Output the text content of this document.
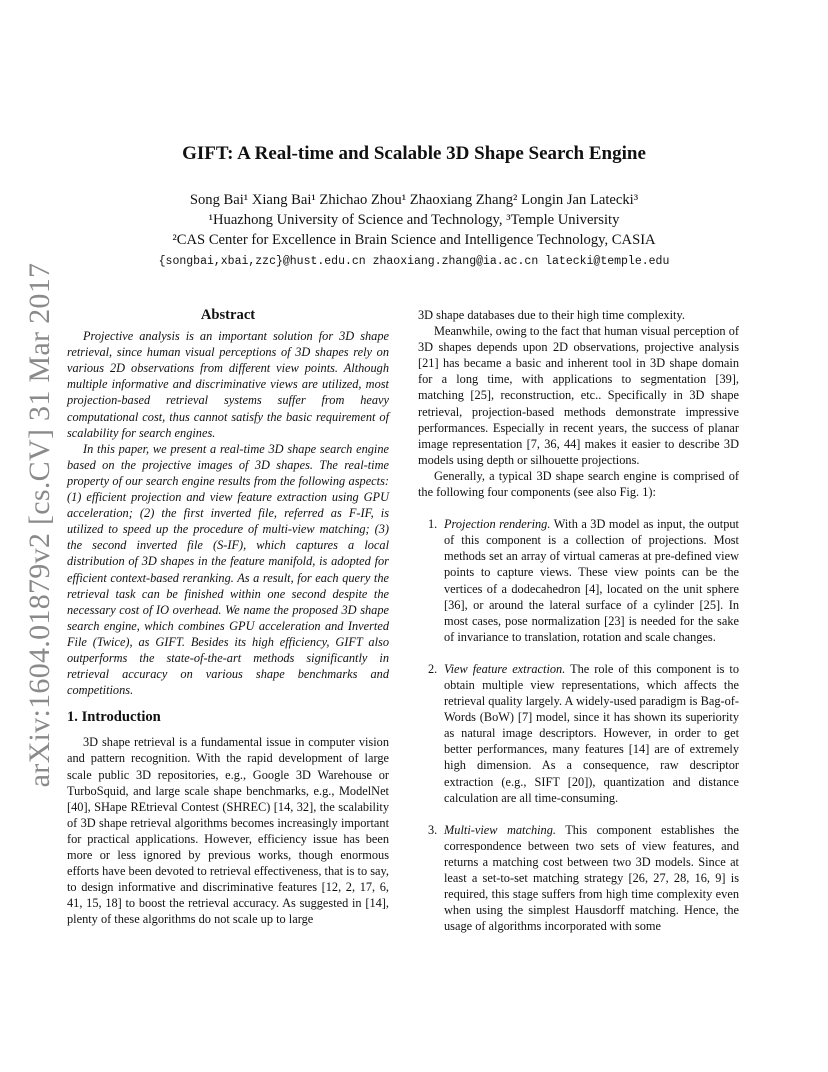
arXiv:1604.01879v2 [cs.CV] 31 Mar 2017
GIFT: A Real-time and Scalable 3D Shape Search Engine
Song Bai¹ Xiang Bai¹ Zhichao Zhou¹ Zhaoxiang Zhang² Longin Jan Latecki³
¹Huazhong University of Science and Technology, ³Temple University
²CAS Center for Excellence in Brain Science and Intelligence Technology, CASIA
{songbai,xbai,zzc}@hust.edu.cn zhaoxiang.zhang@ia.ac.cn latecki@temple.edu
Abstract

Projective analysis is an important solution for 3D shape retrieval, since human visual perceptions of 3D shapes rely on various 2D observations from different view points. Although multiple informative and discriminative views are utilized, most projection-based retrieval systems suffer from heavy computational cost, thus cannot satisfy the basic requirement of scalability for search engines.

In this paper, we present a real-time 3D shape search engine based on the projective images of 3D shapes. The real-time property of our search engine results from the following aspects: (1) efficient projection and view feature extraction using GPU acceleration; (2) the first inverted file, referred as F-IF, is utilized to speed up the procedure of multi-view matching; (3) the second inverted file (S-IF), which captures a local distribution of 3D shapes in the feature manifold, is adopted for efficient context-based reranking. As a result, for each query the retrieval task can be finished within one second despite the necessary cost of IO overhead. We name the proposed 3D shape search engine, which combines GPU acceleration and Inverted File (Twice), as GIFT. Besides its high efficiency, GIFT also outperforms the state-of-the-art methods significantly in retrieval accuracy on various shape benchmarks and competitions.

1. Introduction

3D shape retrieval is a fundamental issue in computer vision and pattern recognition. With the rapid development of large scale public 3D repositories, e.g., Google 3D Warehouse or TurboSquid, and large scale shape benchmarks, e.g., ModelNet [40], SHape REtrieval Contest (SHREC) [14, 32], the scalability of 3D shape retrieval algorithms becomes increasingly important for practical applications. However, efficiency issue has been more or less ignored by previous works, though enormous efforts have been devoted to retrieval effectiveness, that is to say, to design informative and discriminative features [12, 2, 17, 6, 41, 15, 18] to boost the retrieval accuracy. As suggested in [14], plenty of these algorithms do not scale up to large

3D shape databases due to their high time complexity.

Meanwhile, owing to the fact that human visual perception of 3D shapes depends upon 2D observations, projective analysis [21] has became a basic and inherent tool in 3D shape domain for a long time, with applications to segmentation [39], matching [25], reconstruction, etc.. Specifically in 3D shape retrieval, projection-based methods demonstrate impressive performances. Especially in recent years, the success of planar image representation [7, 36, 44] makes it easier to describe 3D models using depth or silhouette projections.

Generally, a typical 3D shape search engine is comprised of the following four components (see also Fig. 1):

1. Projection rendering. With a 3D model as input, the output of this component is a collection of projections. Most methods set an array of virtual cameras at pre-defined view points to capture views. These view points can be the vertices of a dodecahedron [4], located on the unit sphere [36], or around the lateral surface of a cylinder [25]. In most cases, pose normalization [23] is needed for the sake of invariance to translation, rotation and scale changes.
2. View feature extraction. The role of this component is to obtain multiple view representations, which affects the retrieval quality largely. A widely-used paradigm is Bag-of-Words (BoW) [7] model, since it has shown its superiority as natural image descriptors. However, in order to get better performances, many features [14] are of extremely high dimension. As a consequence, raw descriptor extraction (e.g., SIFT [20]), quantization and distance calculation are all time-consuming.
3. Multi-view matching. This component establishes the correspondence between two sets of view features, and returns a matching cost between two 3D models. Since at least a set-to-set matching strategy [26, 27, 28, 16, 9] is required, this stage suffers from high time complexity even when using the simplest Hausdorff matching. Hence, the usage of algorithms incorporated with some
